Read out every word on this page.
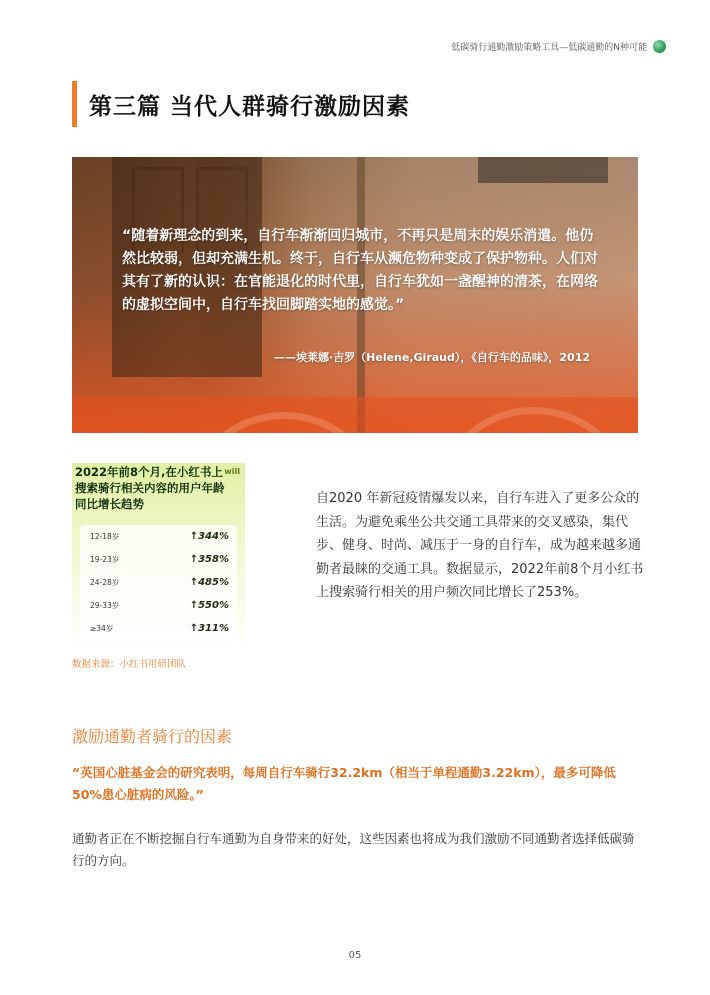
低碳骑行通勤激励策略工具—低碳通勤的N种可能
第三篇 当代人群骑行激励因素
“随着新理念的到来，自行车渐渐回归城市，不再只是周末的娱乐消遣。他仍然比较弱，但却充满生机。终于，自行车从濒危物种变成了保护物种。人们对其有了新的认识：在官能退化的时代里，自行车犹如一盏醒神的清茶，在网络的虚拟空间中，自行车找回脚踏实地的感觉。”
——埃莱娜·吉罗（Helene,Giraud），《自行车的品味》，2012
2022年前8个月,在小红书上搜索骑行相关内容的用户年龄同比增长趋势
will
12-18岁	↑344%
19-23岁	↑358%
24-28岁	↑485%
29-33岁	↑550%
≥34岁	↑311%
数据来源：小红书用研团队
自2020 年新冠疫情爆发以来，自行车进入了更多公众的生活。为避免乘坐公共交通工具带来的交叉感染，集代步、健身、时尚、减压于一身的自行车，成为越来越多通勤者最睐的交通工具。数据显示，2022年前8个月小红书上搜索骑行相关的用户频次同比增长了253%。
激励通勤者骑行的因素
“英国心脏基金会的研究表明，每周自行车骑行32.2km（相当于单程通勤3.22km），最多可降低50%患心脏病的风险。”
通勤者正在不断挖掘自行车通勤为自身带来的好处，这些因素也将成为我们激励不同通勤者选择低碳骑行的方向。
05
